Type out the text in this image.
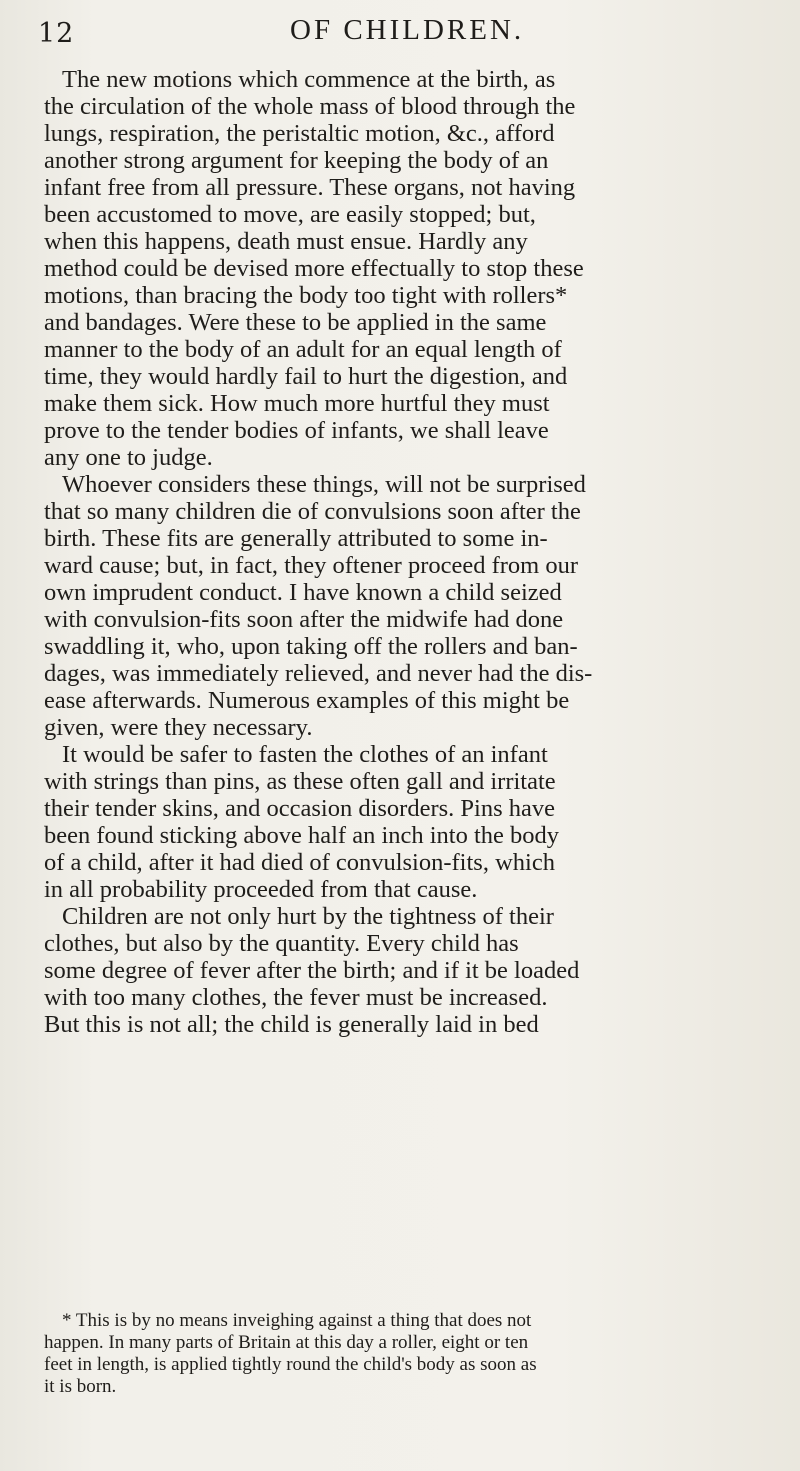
12	OF CHILDREN.
The new motions which commence at the birth, as
the circulation of the whole mass of blood through the
lungs, respiration, the peristaltic motion, &c., afford
another strong argument for keeping the body of an
infant free from all pressure. These organs, not having
been accustomed to move, are easily stopped; but,
when this happens, death must ensue. Hardly any
method could be devised more effectually to stop these
motions, than bracing the body too tight with rollers*
and bandages. Were these to be applied in the same
manner to the body of an adult for an equal length of
time, they would hardly fail to hurt the digestion, and
make them sick. How much more hurtful they must
prove to the tender bodies of infants, we shall leave
any one to judge.
Whoever considers these things, will not be surprised
that so many children die of convulsions soon after the
birth. These fits are generally attributed to some in-
ward cause; but, in fact, they oftener proceed from our
own imprudent conduct. I have known a child seized
with convulsion-fits soon after the midwife had done
swaddling it, who, upon taking off the rollers and ban-
dages, was immediately relieved, and never had the dis-
ease afterwards. Numerous examples of this might be
given, were they necessary.
It would be safer to fasten the clothes of an infant
with strings than pins, as these often gall and irritate
their tender skins, and occasion disorders. Pins have
been found sticking above half an inch into the body
of a child, after it had died of convulsion-fits, which
in all probability proceeded from that cause.
Children are not only hurt by the tightness of their
clothes, but also by the quantity. Every child has
some degree of fever after the birth; and if it be loaded
with too many clothes, the fever must be increased.
But this is not all; the child is generally laid in bed
* This is by no means inveighing against a thing that does not
happen. In many parts of Britain at this day a roller, eight or ten
feet in length, is applied tightly round the child's body as soon as
it is born.
